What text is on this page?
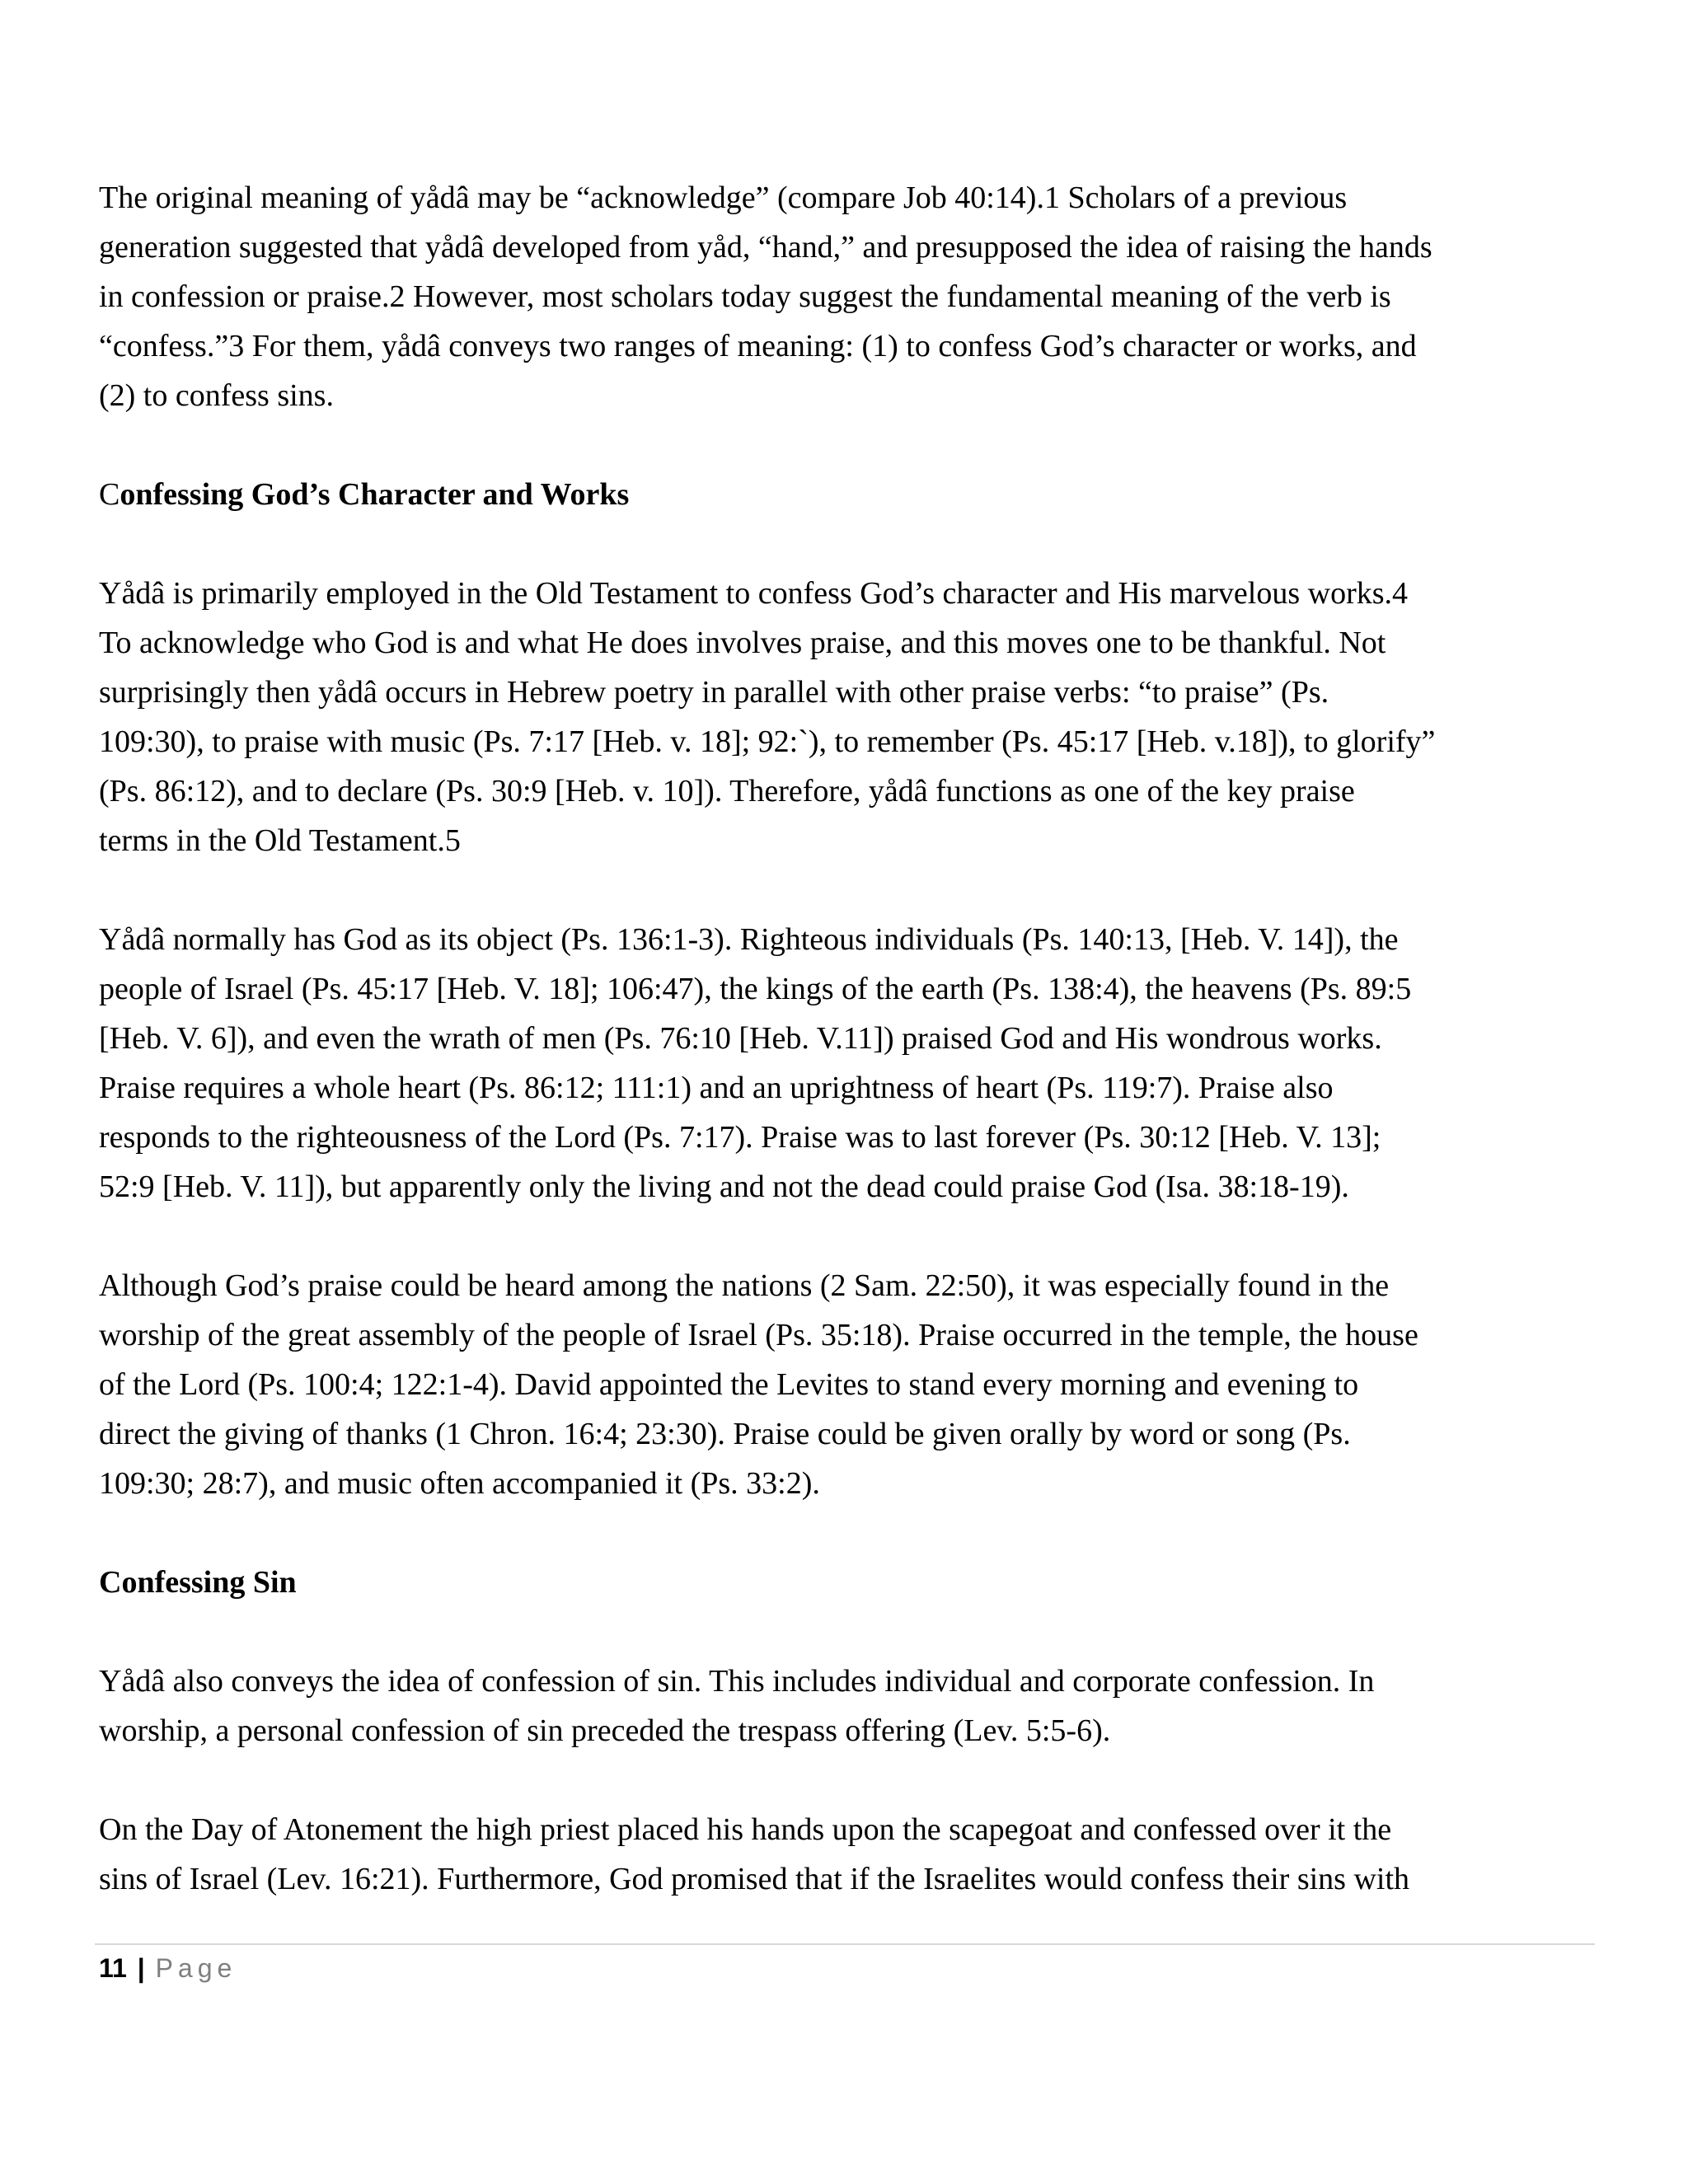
The original meaning of yådâ may be “acknowledge” (compare Job 40:14).1 Scholars of a previous
generation suggested that yådâ developed from yåd, “hand,” and presupposed the idea of raising the hands
in confession or praise.2 However, most scholars today suggest the fundamental meaning of the verb is
“confess.”3 For them, yådâ conveys two ranges of meaning: (1) to confess God’s character or works, and
(2) to confess sins.

Confessing God’s Character and Works

Yådâ is primarily employed in the Old Testament to confess God’s character and His marvelous works.4
To acknowledge who God is and what He does involves praise, and this moves one to be thankful. Not
surprisingly then yådâ occurs in Hebrew poetry in parallel with other praise verbs: “to praise” (Ps.
109:30), to praise with music (Ps. 7:17 [Heb. v. 18]; 92:`), to remember (Ps. 45:17 [Heb. v.18]), to glorify”
(Ps. 86:12), and to declare (Ps. 30:9 [Heb. v. 10]). Therefore, yådâ functions as one of the key praise
terms in the Old Testament.5

Yådâ normally has God as its object (Ps. 136:1-3). Righteous individuals (Ps. 140:13, [Heb. V. 14]), the
people of Israel (Ps. 45:17 [Heb. V. 18]; 106:47), the kings of the earth (Ps. 138:4), the heavens (Ps. 89:5
[Heb. V. 6]), and even the wrath of men (Ps. 76:10 [Heb. V.11]) praised God and His wondrous works.
Praise requires a whole heart (Ps. 86:12; 111:1) and an uprightness of heart (Ps. 119:7). Praise also
responds to the righteousness of the Lord (Ps. 7:17). Praise was to last forever (Ps. 30:12 [Heb. V. 13];
52:9 [Heb. V. 11]), but apparently only the living and not the dead could praise God (Isa. 38:18-19).

Although God’s praise could be heard among the nations (2 Sam. 22:50), it was especially found in the
worship of the great assembly of the people of Israel (Ps. 35:18). Praise occurred in the temple, the house
of the Lord (Ps. 100:4; 122:1-4). David appointed the Levites to stand every morning and evening to
direct the giving of thanks (1 Chron. 16:4; 23:30). Praise could be given orally by word or song (Ps.
109:30; 28:7), and music often accompanied it (Ps. 33:2).

Confessing Sin

Yådâ also conveys the idea of confession of sin. This includes individual and corporate confession. In
worship, a personal confession of sin preceded the trespass offering (Lev. 5:5-6).

On the Day of Atonement the high priest placed his hands upon the scapegoat and confessed over it the
sins of Israel (Lev. 16:21). Furthermore, God promised that if the Israelites would confess their sins with

11 | Page
